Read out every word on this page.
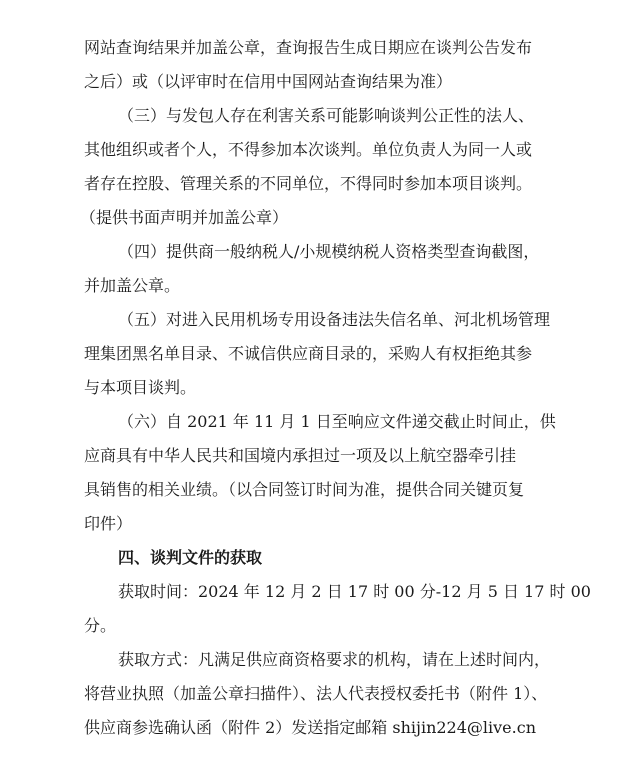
网站查询结果并加盖公章，查询报告生成日期应在谈判公告发布
之后）或（以评审时在信用中国网站查询结果为准）
（三）与发包人存在利害关系可能影响谈判公正性的法人、
其他组织或者个人，不得参加本次谈判。单位负责人为同一人或
者存在控股、管理关系的不同单位，不得同时参加本项目谈判。
（提供书面声明并加盖公章）
（四）提供商一般纳税人/小规模纳税人资格类型查询截图，
并加盖公章。
（五）对进入民用机场专用设备违法失信名单、河北机场管理
理集团黑名单目录、不诚信供应商目录的，采购人有权拒绝其参
与本项目谈判。
（六）自 2021 年 11 月 1 日至响应文件递交截止时间止，供
应商具有中华人民共和国境内承担过一项及以上航空器牵引挂
具销售的相关业绩。（以合同签订时间为准，提供合同关键页复
印件）
四、谈判文件的获取
获取时间：2024 年 12 月 2 日 17 时 00 分-12 月 5 日 17 时 00
分。
获取方式：凡满足供应商资格要求的机构，请在上述时间内，
将营业执照（加盖公章扫描件）、法人代表授权委托书（附件 1）、
供应商参选确认函（附件 2）发送指定邮箱 shijin224@live.cn
